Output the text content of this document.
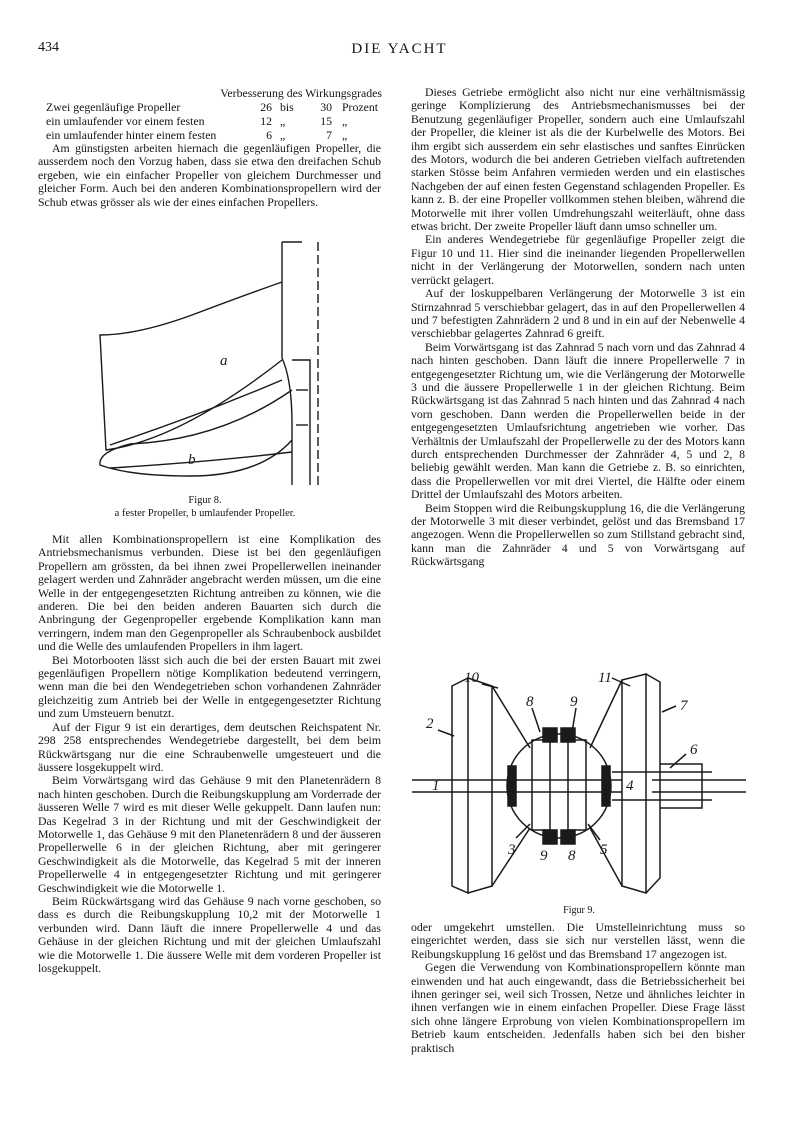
434	DIE YACHT
Verbesserung des Wirkungsgrades
Zwei gegenläufige Propeller	26 bis	30 Prozent
ein umlaufender vor einem festen	12 „	15 „
ein umlaufender hinter einem festen	6 „	7 „

Am günstigsten arbeiten hiernach die gegenläufigen Propeller, die ausserdem noch den Vorzug haben, dass sie etwa den dreifachen Schub ergeben, wie ein einfacher Propeller von gleichem Durchmesser und gleicher Form. Auch bei den anderen Kombinationspropellern wird der Schub etwas grösser als wie der eines einfachen Propellers.

a
b
Figur 8.
a fester Propeller, b umlaufender Propeller.

Mit allen Kombinationspropellern ist eine Komplikation des Antriebsmechanismus verbunden. Diese ist bei den gegenläufigen Propellern am grössten, da bei ihnen zwei Propellerwellen ineinander gelagert werden und Zahnräder angebracht werden müssen, um die eine Welle in der entgegengesetzten Richtung antreiben zu können, wie die anderen. Die bei den beiden anderen Bauarten sich durch die Anbringung der Gegenpropeller ergebende Komplikation kann man verringern, indem man den Gegenpropeller als Schraubenbock ausbildet und die Welle des umlaufenden Propellers in ihm lagert.

Bei Motorbooten lässt sich auch die bei der ersten Bauart mit zwei gegenläufigen Propellern nötige Komplikation bedeutend verringern, wenn man die bei den Wendegetrieben schon vorhandenen Zahnräder gleichzeitig zum Antrieb bei der Welle in entgegengesetzter Richtung und zum Umsteuern benutzt.

Auf der Figur 9 ist ein derartiges, dem deutschen Reichspatent Nr. 298 258 entsprechendes Wendegetriebe dargestellt, bei dem beim Rückwärtsgang nur die eine Schraubenwelle umgesteuert und die äussere losgekuppelt wird.

Beim Vorwärtsgang wird das Gehäuse 9 mit den Planetenrädern 8 nach hinten geschoben. Durch die Reibungskupplung am Vorderrade der äusseren Welle 7 wird es mit dieser Welle gekuppelt. Dann laufen nun: Das Kegelrad 3 in der Richtung und mit der Geschwindigkeit der Motorwelle 1, das Gehäuse 9 mit den Planetenrädern 8 und der äusseren Propellerwelle 6 in der gleichen Richtung, aber mit geringerer Geschwindigkeit als die Motorwelle, das Kegelrad 5 mit der inneren Propellerwelle 4 in entgegengesetzter Richtung und mit geringerer Geschwindigkeit wie die Motorwelle 1.

Beim Rückwärtsgang wird das Gehäuse 9 nach vorne geschoben, so dass es durch die Reibungskupplung 10,2 mit der Motorwelle 1 verbunden wird. Dann läuft die innere Propellerwelle 4 und das Gehäuse in der gleichen Richtung und mit der gleichen Umlaufszahl wie die Motorwelle 1. Die äussere Welle mit dem vorderen Propeller ist losgekuppelt.

Dieses Getriebe ermöglicht also nicht nur eine verhältnismässig geringe Komplizierung des Antriebsmechanismusses bei der Benutzung gegenläufiger Propeller, sondern auch eine Umlaufszahl der Propeller, die kleiner ist als die der Kurbelwelle des Motors. Bei ihm ergibt sich ausserdem ein sehr elastisches und sanftes Einrücken des Motors, wodurch die bei anderen Getrieben vielfach auftretenden starken Stösse beim Anfahren vermieden werden und ein elastisches Nachgeben der auf einen festen Gegenstand schlagenden Propeller. Es kann z. B. der eine Propeller vollkommen stehen bleiben, während die Motorwelle mit ihrer vollen Umdrehungszahl weiterläuft, ohne dass etwas bricht. Der zweite Propeller läuft dann umso schneller um.

Ein anderes Wendegetriebe für gegenläufige Propeller zeigt die Figur 10 und 11. Hier sind die ineinander liegenden Propellerwellen nicht in der Verlängerung der Motorwellen, sondern nach unten verrückt gelagert.

Auf der loskuppelbaren Verlängerung der Motorwelle 3 ist ein Stirnzahnrad 5 verschiebbar gelagert, das in auf den Propellerwellen 4 und 7 befestigten Zahnrädern 2 und 8 und in ein auf der Nebenwelle 4 verschiebbar gelagertes Zahnrad 6 greift.

Beim Vorwärtsgang ist das Zahnrad 5 nach vorn und das Zahnrad 4 nach hinten geschoben. Dann läuft die innere Propellerwelle 7 in entgegengesetzter Richtung um, wie die Verlängerung der Motorwelle 3 und die äussere Propellerwelle 1 in der gleichen Richtung. Beim Rückwärtsgang ist das Zahnrad 5 nach hinten und das Zahnrad 4 nach vorn geschoben. Dann werden die Propellerwellen beide in der entgegengesetzten Umlaufsrichtung angetrieben wie vorher. Das Verhältnis der Umlaufszahl der Propellerwelle zu der des Motors kann durch entsprechenden Durchmesser der Zahnräder 4, 5 und 2, 8 beliebig gewählt werden. Man kann die Getriebe z. B. so einrichten, dass die Propellerwellen vor mit drei Viertel, die Hälfte oder einem Drittel der Umlaufszahl des Motors arbeiten.

Beim Stoppen wird die Reibungskupplung 16, die die Verlängerung der Motorwelle 3 mit dieser verbindet, gelöst und das Bremsband 17 angezogen. Wenn die Propellerwellen so zum Stillstand gebracht sind, kann man die Zahnräder 4 und 5 von Vorwärtsgang auf Rückwärtsgang

10	11
2
7
8 9
6
1	4
3 9 8 5
Figur 9.

oder umgekehrt umstellen. Die Umstelleinrichtung muss so eingerichtet werden, dass sie sich nur verstellen lässt, wenn die Reibungskupplung 16 gelöst und das Bremsband 17 angezogen ist.

Gegen die Verwendung von Kombinationspropellern könnte man einwenden und hat auch eingewandt, dass die Betriebssicherheit bei ihnen geringer sei, weil sich Trossen, Netze und ähnliches leichter in ihnen verfangen wie in einem einfachen Propeller. Diese Frage lässt sich ohne längere Erprobung von vielen Kombinationspropellern im Betrieb kaum entscheiden. Jedenfalls haben sich bei den bisher praktisch
